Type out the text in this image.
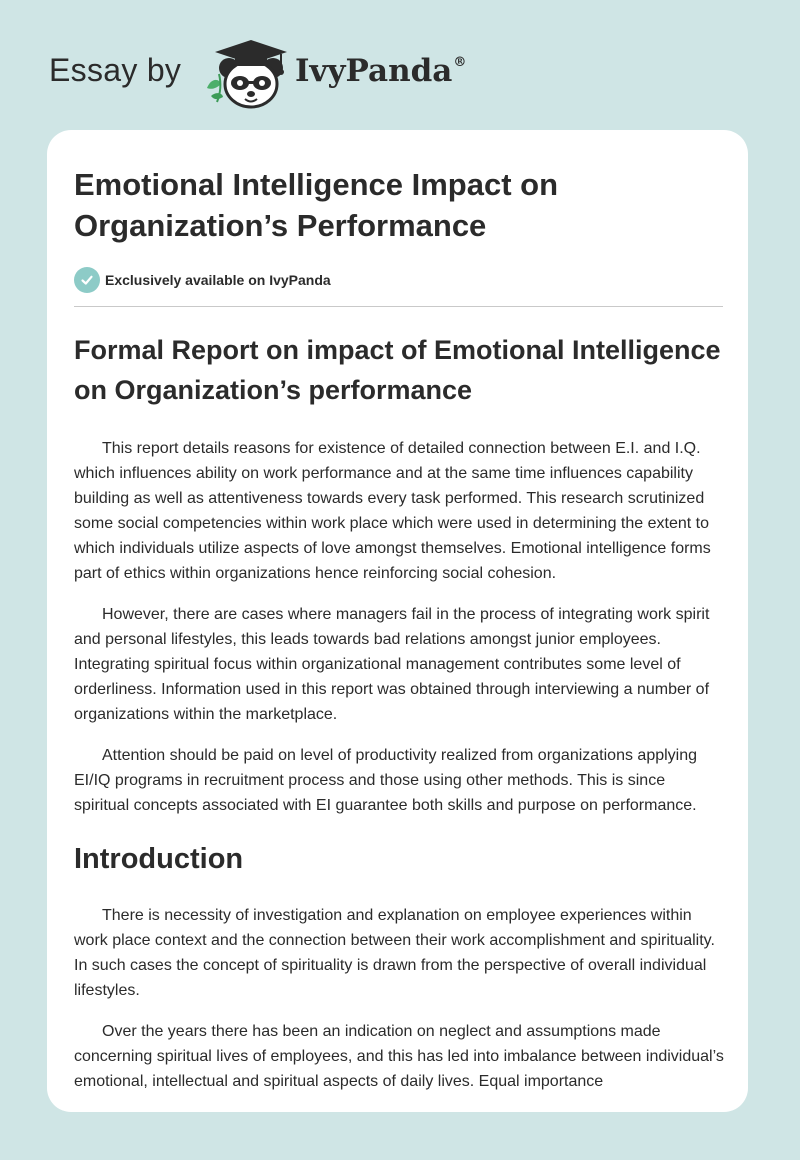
Essay by	IvyPanda®
Emotional Intelligence Impact on Organization’s Performance
Exclusively available on IvyPanda
Formal Report on impact of Emotional Intelligence on Organization’s performance

This report details reasons for existence of detailed connection between E.I. and I.Q. which influences ability on work performance and at the same time influences capability building as well as attentiveness towards every task performed. This research scrutinized some social competencies within work place which were used in determining the extent to which individuals utilize aspects of love amongst themselves. Emotional intelligence forms part of ethics within organizations hence reinforcing social cohesion.

However, there are cases where managers fail in the process of integrating work spirit and personal lifestyles, this leads towards bad relations amongst junior employees. Integrating spiritual focus within organizational management contributes some level of orderliness. Information used in this report was obtained through interviewing a number of organizations within the marketplace.

Attention should be paid on level of productivity realized from organizations applying EI/IQ programs in recruitment process and those using other methods. This is since spiritual concepts associated with EI guarantee both skills and purpose on performance.

Introduction

There is necessity of investigation and explanation on employee experiences within work place context and the connection between their work accomplishment and spirituality. In such cases the concept of spirituality is drawn from the perspective of overall individual lifestyles.

Over the years there has been an indication on neglect and assumptions made concerning spiritual lives of employees, and this has led into imbalance between individual’s emotional, intellectual and spiritual aspects of daily lives. Equal importance
